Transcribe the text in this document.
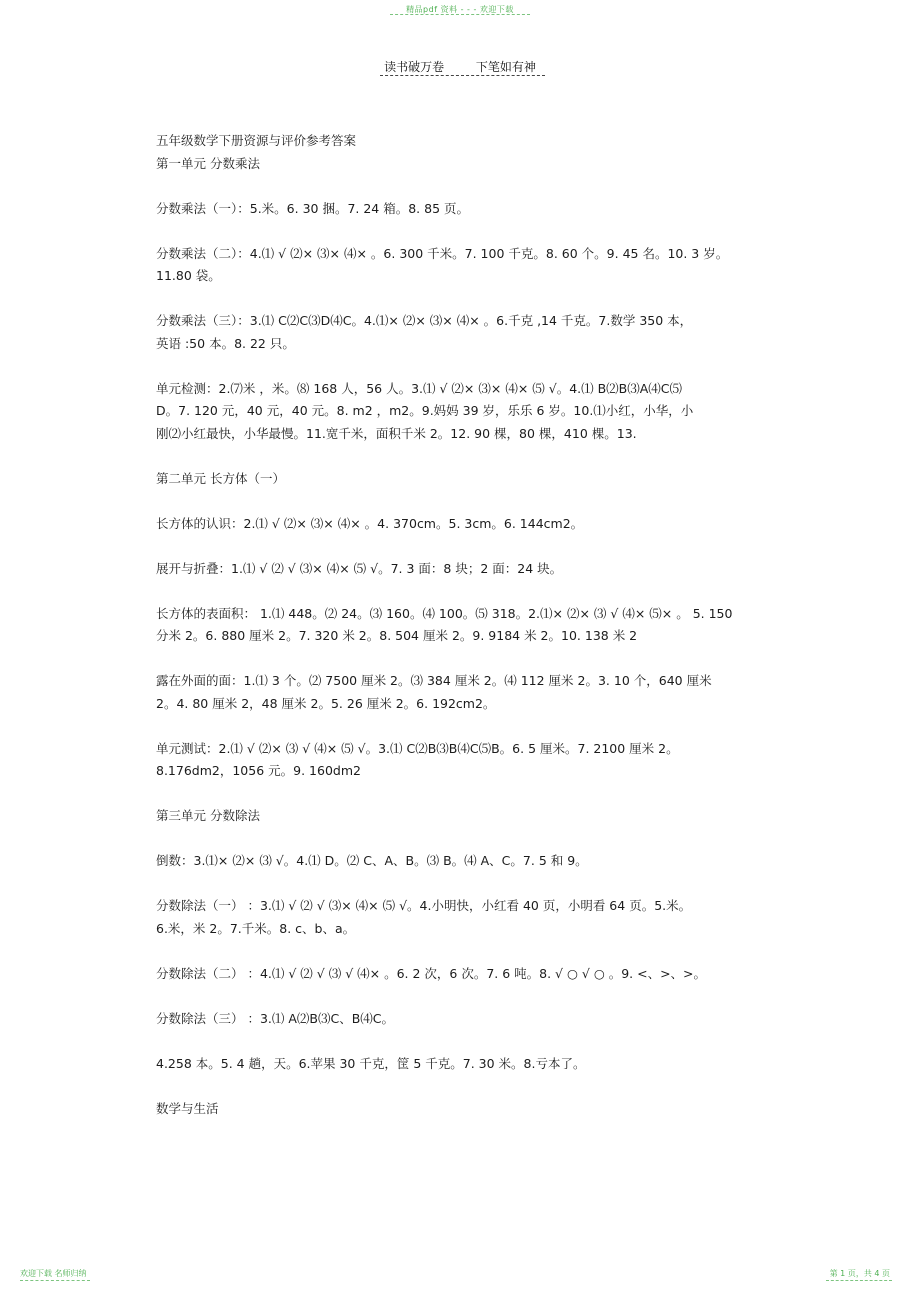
精品pdf 资料 - - - 欢迎下载
读书破万卷	下笔如有神
五年级数学下册资源与评价参考答案
第一单元 分数乘法
分数乘法（一）：5.米。6. 30 捆。7. 24 箱。8. 85 页。
分数乘法（二）：4.⑴ √ ⑵× ⑶× ⑷× 。6. 300 千米。7. 100 千克。8. 60 个。9. 45 名。10. 3 岁。
11.80 袋。
分数乘法（三）：3.⑴ C⑵C⑶D⑷C。4.⑴× ⑵× ⑶× ⑷× 。6.千克 ,14 千克。7.数学 350 本，
英语 :50 本。8. 22 只。
单元检测：2.⑺米 ，米。⑻ 168 人，56 人。3.⑴ √ ⑵× ⑶× ⑷× ⑸ √。4.⑴ B⑵B⑶A⑷C⑸
D。7. 120 元，40 元，40 元。8. m2 ，m2。9.妈妈 39 岁，乐乐 6 岁。10.⑴小红，小华，小
刚⑵小红最快，小华最慢。11.宽千米，面积千米 2。12. 90 棵，80 棵，410 棵。13.
第二单元 长方体（一）
长方体的认识：2.⑴ √ ⑵× ⑶× ⑷× 。4. 370cm。5. 3cm。6. 144cm2。
展开与折叠：1.⑴ √ ⑵ √ ⑶× ⑷× ⑸ √。7. 3 面：8 块；2 面：24 块。
长方体的表面积： 1.⑴ 448。⑵ 24。⑶ 160。⑷ 100。⑸ 318。2.⑴× ⑵× ⑶ √ ⑷× ⑸× 。 5. 150
分米 2。6. 880 厘米 2。7. 320 米 2。8. 504 厘米 2。9. 9184 米 2。10. 138 米 2
露在外面的面：1.⑴ 3 个。⑵ 7500 厘米 2。⑶ 384 厘米 2。⑷ 112 厘米 2。3. 10 个，640 厘米
2。4. 80 厘米 2，48 厘米 2。5. 26 厘米 2。6. 192cm2。
单元测试：2.⑴ √ ⑵× ⑶ √ ⑷× ⑸ √。3.⑴ C⑵B⑶B⑷C⑸B。6. 5 厘米。7. 2100 厘米 2。
8.176dm2，1056 元。9. 160dm2
第三单元 分数除法
倒数：3.⑴× ⑵× ⑶ √。4.⑴ D。⑵ C、A、B。⑶ B。⑷ A、C。7. 5 和 9。
分数除法（一） ：3.⑴ √ ⑵ √ ⑶× ⑷× ⑸ √。4.小明快，小红看 40 页，小明看 64 页。5.米。
6.米，米 2。7.千米。8. c、b、a。
分数除法（二） ：4.⑴ √ ⑵ √ ⑶ √ ⑷× 。6. 2 次，6 次。7. 6 吨。8. √ ○ √ ○ 。9. <、>、>。
分数除法（三） ：3.⑴ A⑵B⑶C、B⑷C。
4.258 本。5. 4 趟，天。6.苹果 30 千克，筐 5 千克。7. 30 米。8.亏本了。
数学与生活
欢迎下载 名师归纳	第 1 页，共 4 页
